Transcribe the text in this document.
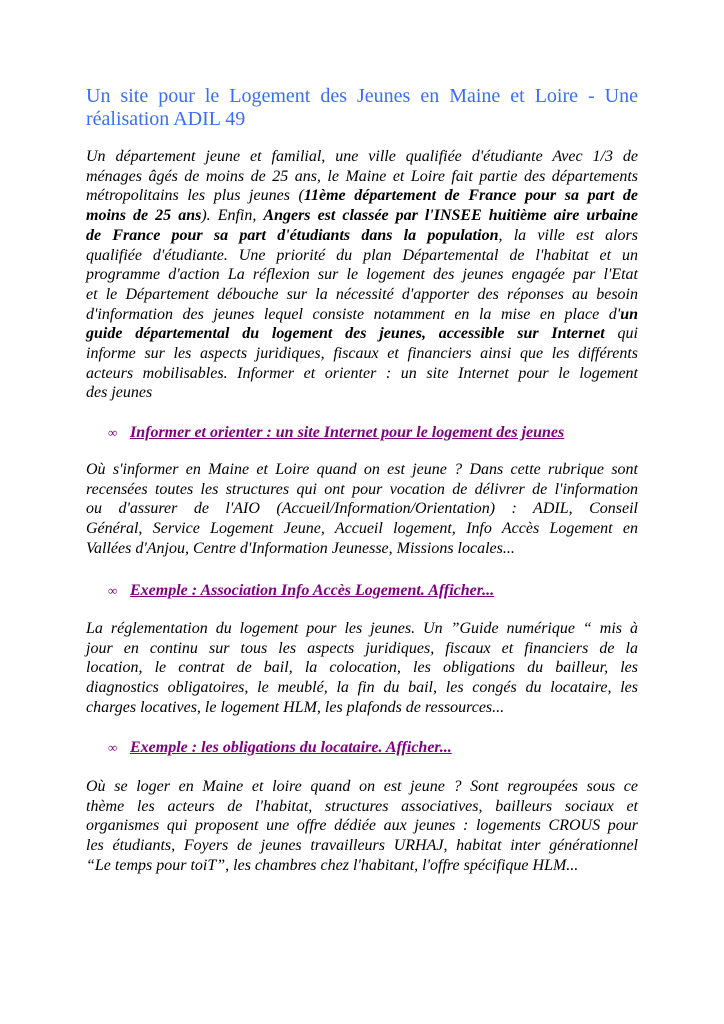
Un site pour le Logement des Jeunes en Maine et Loire - Une
réalisation ADIL 49
Un département jeune et familial, une ville qualifiée d'étudiante Avec 1/3 de
ménages âgés de moins de 25 ans, le Maine et Loire fait partie des départements
métropolitains les plus jeunes (11ème département de France pour sa part de
moins de 25 ans). Enfin, Angers est classée par l'INSEE huitième aire urbaine
de France pour sa part d'étudiants dans la population, la ville est alors
qualifiée d'étudiante. Une priorité du plan Départemental de l'habitat et un
programme d'action La réflexion sur le logement des jeunes engagée par l'Etat
et le Département débouche sur la nécessité d'apporter des réponses au besoin
d'information des jeunes lequel consiste notamment en la mise en place d'un
guide départemental du logement des jeunes, accessible sur Internet qui
informe sur les aspects juridiques, fiscaux et financiers ainsi que les différents
acteurs mobilisables. Informer et orienter : un site Internet pour le logement
des jeunes
∞ Informer et orienter : un site Internet pour le logement des jeunes
Où s'informer en Maine et Loire quand on est jeune ? Dans cette rubrique sont
recensées toutes les structures qui ont pour vocation de délivrer de l'information
ou d'assurer de l'AIO (Accueil/Information/Orientation) : ADIL, Conseil
Général, Service Logement Jeune, Accueil logement, Info Accès Logement en
Vallées d'Anjou, Centre d'Information Jeunesse, Missions locales...
∞ Exemple : Association Info Accès Logement. Afficher...
La réglementation du logement pour les jeunes. Un ”Guide numérique “ mis à
jour en continu sur tous les aspects juridiques, fiscaux et financiers de la
location, le contrat de bail, la colocation, les obligations du bailleur, les
diagnostics obligatoires, le meublé, la fin du bail, les congés du locataire, les
charges locatives, le logement HLM, les plafonds de ressources...
∞ Exemple : les obligations du locataire. Afficher...
Où se loger en Maine et loire quand on est jeune ? Sont regroupées sous ce
thème les acteurs de l'habitat, structures associatives, bailleurs sociaux et
organismes qui proposent une offre dédiée aux jeunes : logements CROUS pour
les étudiants, Foyers de jeunes travailleurs URHAJ, habitat inter générationnel
“Le temps pour toiT”, les chambres chez l'habitant, l'offre spécifique HLM...
